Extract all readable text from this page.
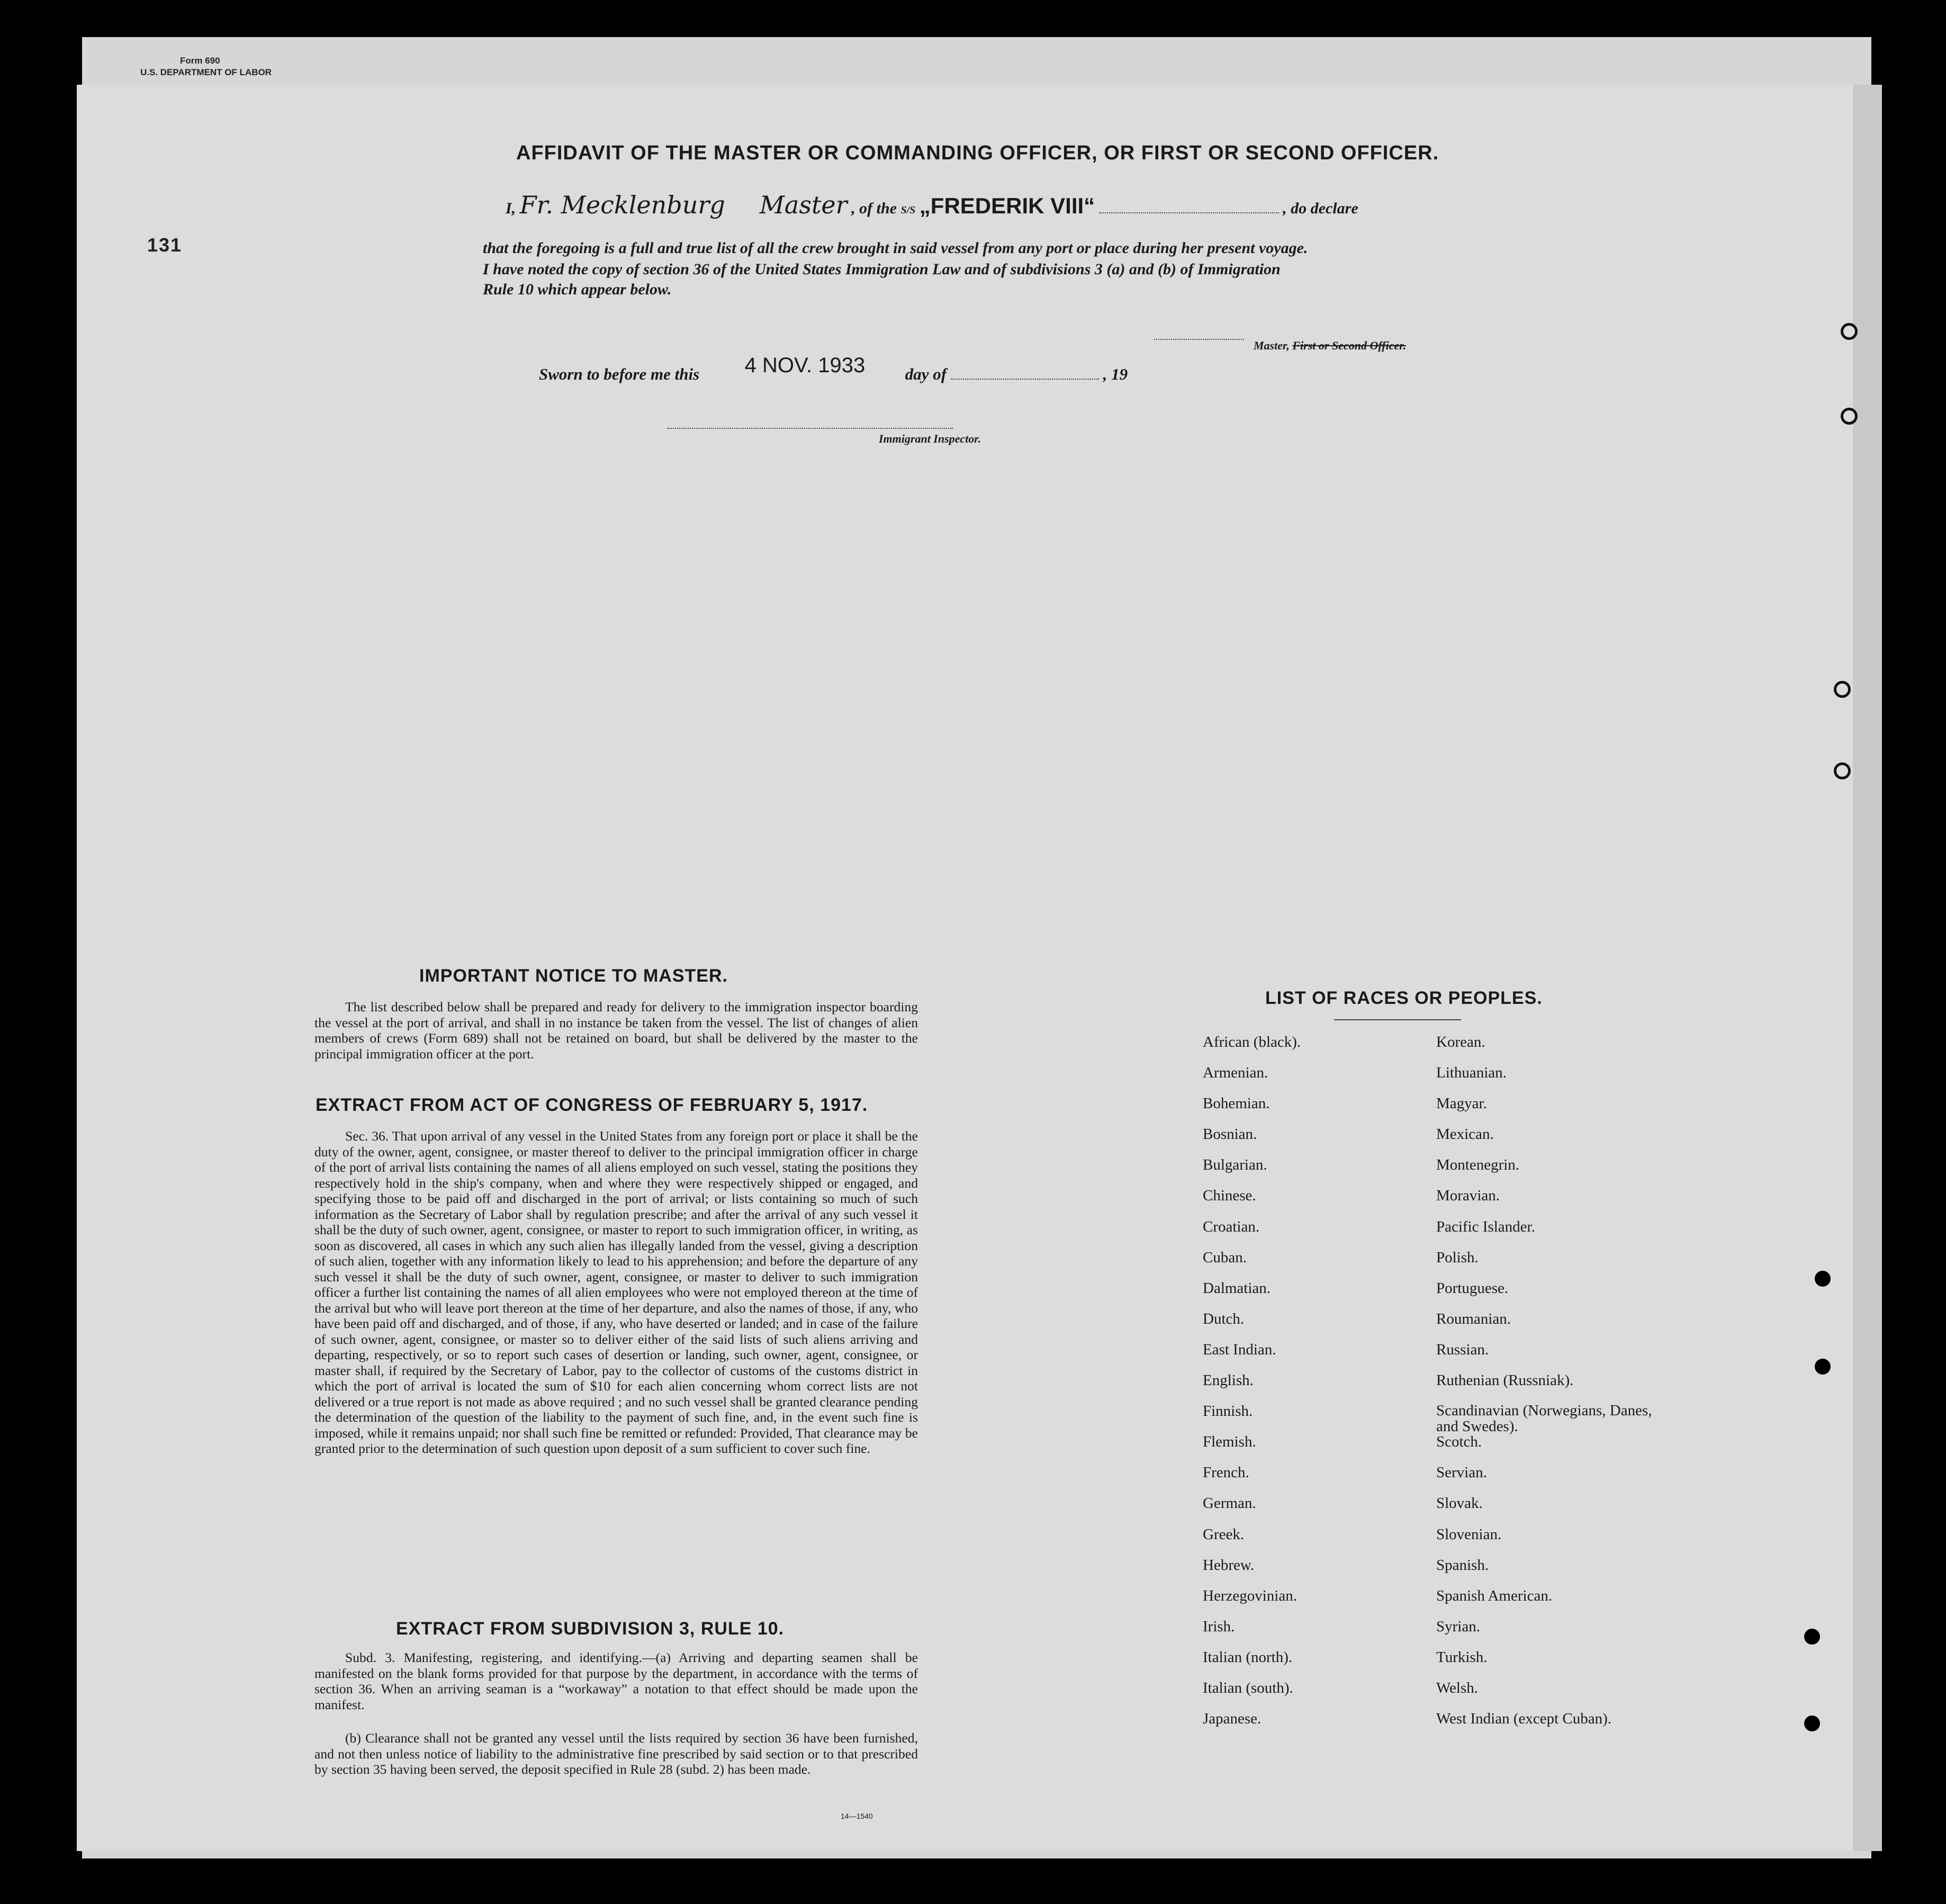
Form 690
U.S. DEPARTMENT OF LABOR
131
AFFIDAVIT OF THE MASTER OR COMMANDING OFFICER, OR FIRST OR SECOND OFFICER.
I, Fr. Mecklenburg Master , of the S/S „FREDERIK VIII“	, do declare
that the foregoing is a full and true list of all the crew brought in said vessel from any port or place during her present voyage.
I have noted the copy of section 36 of the United States Immigration Law and of subdivisions 3 (a) and (b) of Immigration
Rule 10 which appear below.
Master, First or Second Officer.
Sworn to before me this 4 NOV. 1933 day of	, 19
Immigrant Inspector.
IMPORTANT NOTICE TO MASTER.
The list described below shall be prepared and ready for delivery to the immigration inspector boarding the vessel at the port of arrival, and shall in no instance be taken from the vessel. The list of changes of alien members of crews (Form 689) shall not be retained on board, but shall be delivered by the master to the principal immigration officer at the port.
EXTRACT FROM ACT OF CONGRESS OF FEBRUARY 5, 1917.
Sec. 36. That upon arrival of any vessel in the United States from any foreign port or place it shall be the duty of the owner, agent, consignee, or master thereof to deliver to the principal immigration officer in charge of the port of arrival lists containing the names of all aliens employed on such vessel, stating the positions they respectively hold in the ship's company, when and where they were respectively shipped or engaged, and specifying those to be paid off and discharged in the port of arrival; or lists containing so much of such information as the Secretary of Labor shall by regulation prescribe; and after the arrival of any such vessel it shall be the duty of such owner, agent, consignee, or master to report to such immigration officer, in writing, as soon as discovered, all cases in which any such alien has illegally landed from the vessel, giving a description of such alien, together with any information likely to lead to his apprehension; and before the departure of any such vessel it shall be the duty of such owner, agent, consignee, or master to deliver to such immigration officer a further list containing the names of all alien employees who were not employed thereon at the time of the arrival but who will leave port thereon at the time of her departure, and also the names of those, if any, who have been paid off and discharged, and of those, if any, who have deserted or landed; and in case of the failure of such owner, agent, consignee, or master so to deliver either of the said lists of such aliens arriving and departing, respectively, or so to report such cases of desertion or landing, such owner, agent, consignee, or master shall, if required by the Secretary of Labor, pay to the collector of customs of the customs district in which the port of arrival is located the sum of $10 for each alien concerning whom correct lists are not delivered or a true report is not made as above required ; and no such vessel shall be granted clearance pending the determination of the question of the liability to the payment of such fine, and, in the event such fine is imposed, while it remains unpaid; nor shall such fine be remitted or refunded: Provided, That clearance may be granted prior to the determination of such question upon deposit of a sum sufficient to cover such fine.
EXTRACT FROM SUBDIVISION 3, RULE 10.
Subd. 3. Manifesting, registering, and identifying.—(a) Arriving and departing seamen shall be manifested on the blank forms provided for that purpose by the department, in accordance with the terms of section 36. When an arriving seaman is a “workaway” a notation to that effect should be made upon the manifest.
(b) Clearance shall not be granted any vessel until the lists required by section 36 have been furnished, and not then unless notice of liability to the administrative fine prescribed by said section or to that prescribed by section 35 having been served, the deposit specified in Rule 28 (subd. 2) has been made.
14—1540
LIST OF RACES OR PEOPLES.
African (black).
Armenian.
Bohemian.
Bosnian.
Bulgarian.
Chinese.
Croatian.
Cuban.
Dalmatian.
Dutch.
East Indian.
English.
Finnish.
Flemish.
French.
German.
Greek.
Hebrew.
Herzegovinian.
Irish.
Italian (north).
Italian (south).
Japanese.
Korean.
Lithuanian.
Magyar.
Mexican.
Montenegrin.
Moravian.
Pacific Islander.
Polish.
Portuguese.
Roumanian.
Russian.
Ruthenian (Russniak).
Scandinavian (Norwegians, Danes, and Swedes).
Scotch.
Servian.
Slovak.
Slovenian.
Spanish.
Spanish American.
Syrian.
Turkish.
Welsh.
West Indian (except Cuban).
